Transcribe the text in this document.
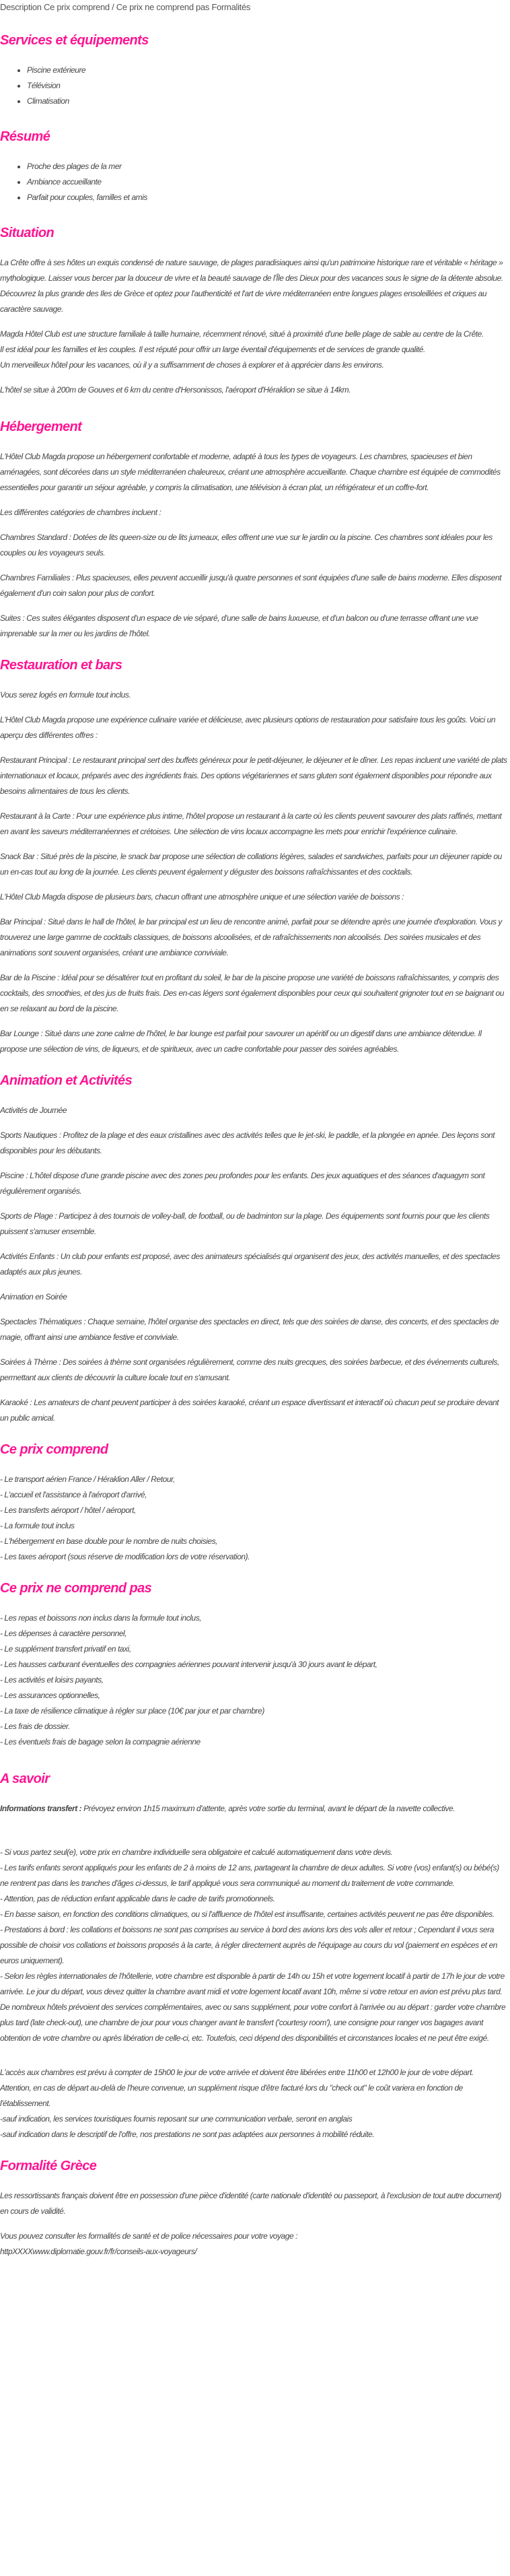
Description Ce prix comprend / Ce prix ne comprend pas Formalités
Services et équipements
• Piscine extérieure
• Télévision
• Climatisation
Résumé
• Proche des plages de la mer
• Ambiance accueillante
• Parfait pour couples, familles et amis
Situation

La Crête offre à ses hôtes un exquis condensé de nature sauvage, de plages paradisiaques ainsi qu'un patrimoine historique rare et véritable « héritage » mythologique. Laisser vous bercer par la douceur de vivre et la beauté sauvage de l'Île des Dieux pour des vacances sous le signe de la détente absolue. Découvrez la plus grande des Iles de Grèce et optez pour l'authenticité et l'art de vivre méditerranéen entre longues plages ensoleillées et criques au caractère sauvage.

Magda Hôtel Club est une structure familiale à taille humaine, récemment rénové, situé à proximité d'une belle plage de sable au centre de la Crête.
Il est idéal pour les familles et les couples. Il est réputé pour offrir un large éventail d'équipements et de services de grande qualité.
Un merveilleux hôtel pour les vacances, où il y a suffisamment de choses à explorer et à apprécier dans les environs.

L'hôtel se situe à 200m de Gouves et 6 km du centre d'Hersonissos, l'aéroport d'Héraklion se situe à 14km.

Hébergement

L'Hôtel Club Magda propose un hébergement confortable et moderne, adapté à tous les types de voyageurs. Les chambres, spacieuses et bien aménagées, sont décorées dans un style méditerranéen chaleureux, créant une atmosphère accueillante. Chaque chambre est équipée de commodités essentielles pour garantir un séjour agréable, y compris la climatisation, une télévision à écran plat, un réfrigérateur et un coffre-fort.

Les différentes catégories de chambres incluent :

Chambres Standard : Dotées de lits queen-size ou de lits jumeaux, elles offrent une vue sur le jardin ou la piscine. Ces chambres sont idéales pour les couples ou les voyageurs seuls.

Chambres Familiales : Plus spacieuses, elles peuvent accueillir jusqu'à quatre personnes et sont équipées d'une salle de bains moderne. Elles disposent également d'un coin salon pour plus de confort.

Suites : Ces suites élégantes disposent d'un espace de vie séparé, d'une salle de bains luxueuse, et d'un balcon ou d'une terrasse offrant une vue imprenable sur la mer ou les jardins de l'hôtel.

Restauration et bars

Vous serez logés en formule tout inclus.

L'Hôtel Club Magda propose une expérience culinaire variée et délicieuse, avec plusieurs options de restauration pour satisfaire tous les goûts. Voici un aperçu des différentes offres :

Restaurant Principal : Le restaurant principal sert des buffets généreux pour le petit-déjeuner, le déjeuner et le dîner. Les repas incluent une variété de plats internationaux et locaux, préparés avec des ingrédients frais. Des options végétariennes et sans gluten sont également disponibles pour répondre aux besoins alimentaires de tous les clients.

Restaurant à la Carte : Pour une expérience plus intime, l'hôtel propose un restaurant à la carte où les clients peuvent savourer des plats raffinés, mettant en avant les saveurs méditerranéennes et crétoises. Une sélection de vins locaux accompagne les mets pour enrichir l'expérience culinaire.

Snack Bar : Situé près de la piscine, le snack bar propose une sélection de collations légères, salades et sandwiches, parfaits pour un déjeuner rapide ou un en-cas tout au long de la journée. Les clients peuvent également y déguster des boissons rafraîchissantes et des cocktails.

L'Hôtel Club Magda dispose de plusieurs bars, chacun offrant une atmosphère unique et une sélection variée de boissons :

Bar Principal : Situé dans le hall de l'hôtel, le bar principal est un lieu de rencontre animé, parfait pour se détendre après une journée d'exploration. Vous y trouverez une large gamme de cocktails classiques, de boissons alcoolisées, et de rafraîchissements non alcoolisés. Des soirées musicales et des animations sont souvent organisées, créant une ambiance conviviale.

Bar de la Piscine : Idéal pour se désaltérer tout en profitant du soleil, le bar de la piscine propose une variété de boissons rafraîchissantes, y compris des cocktails, des smoothies, et des jus de fruits frais. Des en-cas légers sont également disponibles pour ceux qui souhaitent grignoter tout en se baignant ou en se relaxant au bord de la piscine.

Bar Lounge : Situé dans une zone calme de l'hôtel, le bar lounge est parfait pour savourer un apéritif ou un digestif dans une ambiance détendue. Il propose une sélection de vins, de liqueurs, et de spiritueux, avec un cadre confortable pour passer des soirées agréables.

Animation et Activités

Activités de Journée

Sports Nautiques : Profitez de la plage et des eaux cristallines avec des activités telles que le jet-ski, le paddle, et la plongée en apnée. Des leçons sont disponibles pour les débutants.

Piscine : L'hôtel dispose d'une grande piscine avec des zones peu profondes pour les enfants. Des jeux aquatiques et des séances d'aquagym sont régulièrement organisés.

Sports de Plage : Participez à des tournois de volley-ball, de football, ou de badminton sur la plage. Des équipements sont fournis pour que les clients puissent s'amuser ensemble.

Activités Enfants : Un club pour enfants est proposé, avec des animateurs spécialisés qui organisent des jeux, des activités manuelles, et des spectacles adaptés aux plus jeunes.

Animation en Soirée

Spectacles Thématiques : Chaque semaine, l'hôtel organise des spectacles en direct, tels que des soirées de danse, des concerts, et des spectacles de magie, offrant ainsi une ambiance festive et conviviale.

Soirées à Thème : Des soirées à thème sont organisées régulièrement, comme des nuits grecques, des soirées barbecue, et des événements culturels, permettant aux clients de découvrir la culture locale tout en s'amusant.

Karaoké : Les amateurs de chant peuvent participer à des soirées karaoké, créant un espace divertissant et interactif où chacun peut se produire devant un public amical.

Ce prix comprend
- Le transport aérien France / Héraklion Aller / Retour,
- L'accueil et l'assistance à l'aéroport d'arrivé,
- Les transferts aéroport / hôtel / aéroport,
- La formule tout inclus
- L'hébergement en base double pour le nombre de nuits choisies,
- Les taxes aéroport (sous réserve de modification lors de votre réservation).
Ce prix ne comprend pas
- Les repas et boissons non inclus dans la formule tout inclus,
- Les dépenses à caractère personnel,
- Le supplément transfert privatif en taxi,
- Les hausses carburant éventuelles des compagnies aériennes pouvant intervenir jusqu'à 30 jours avant le départ,
- Les activités et loisirs payants,
- Les assurances optionnelles,
- La taxe de résilience climatique à régler sur place (10€ par jour et par chambre)
- Les frais de dossier.
- Les éventuels frais de bagage selon la compagnie aérienne
A savoir

Informations transfert : Prévoyez environ 1h15 maximum d'attente, après votre sortie du terminal, avant le départ de la navette collective.

- Si vous partez seul(e), votre prix en chambre individuelle sera obligatoire et calculé automatiquement dans votre devis.
- Les tarifs enfants seront appliqués pour les enfants de 2 à moins de 12 ans, partageant la chambre de deux adultes. Si votre (vos) enfant(s) ou bébé(s) ne rentrent pas dans les tranches d'âges ci-dessus, le tarif appliqué vous sera communiqué au moment du traitement de votre commande.
- Attention, pas de réduction enfant applicable dans le cadre de tarifs promotionnels.
- En basse saison, en fonction des conditions climatiques, ou si l'affluence de l'hôtel est insuffisante, certaines activités peuvent ne pas être disponibles.
- Prestations à bord : les collations et boissons ne sont pas comprises au service à bord des avions lors des vols aller et retour ; Cependant il vous sera possible de choisir vos collations et boissons proposés à la carte, à régler directement auprès de l'équipage au cours du vol (paiement en espèces et en euros uniquement).
- Selon les règles internationales de l'hôtellerie, votre chambre est disponible à partir de 14h ou 15h et votre logement locatif à partir de 17h le jour de votre arrivée. Le jour du départ, vous devez quitter la chambre avant midi et votre logement locatif avant 10h, même si votre retour en avion est prévu plus tard. De nombreux hôtels prévoient des services complémentaires, avec ou sans supplément, pour votre confort à l'arrivée ou au départ : garder votre chambre plus tard (late check-out), une chambre de jour pour vous changer avant le transfert ('courtesy room'), une consigne pour ranger vos bagages avant obtention de votre chambre ou après libération de celle-ci, etc. Toutefois, ceci dépend des disponibilités et circonstances locales et ne peut être exigé.
L'accès aux chambres est prévu à compter de 15h00 le jour de votre arrivée et doivent être libérées entre 11h00 et 12h00 le jour de votre départ.
Attention, en cas de départ au-delà de l'heure convenue, un supplément risque d'être facturé lors du "check out" le coût variera en fonction de l'établissement.
-sauf indication, les services touristiques fournis reposant sur une communication verbale, seront en anglais
-sauf indication dans le descriptif de l'offre, nos prestations ne sont pas adaptées aux personnes à mobilité réduite.
Formalité Grèce

Les ressortissants français doivent être en possession d'une pièce d'identité (carte nationale d'identité ou passeport, à l'exclusion de tout autre document) en cours de validité.

Vous pouvez consulter les formalités de santé et de police nécessaires pour votre voyage :
httpXXXXwww.diplomatie.gouv.fr/fr/conseils-aux-voyageurs/
